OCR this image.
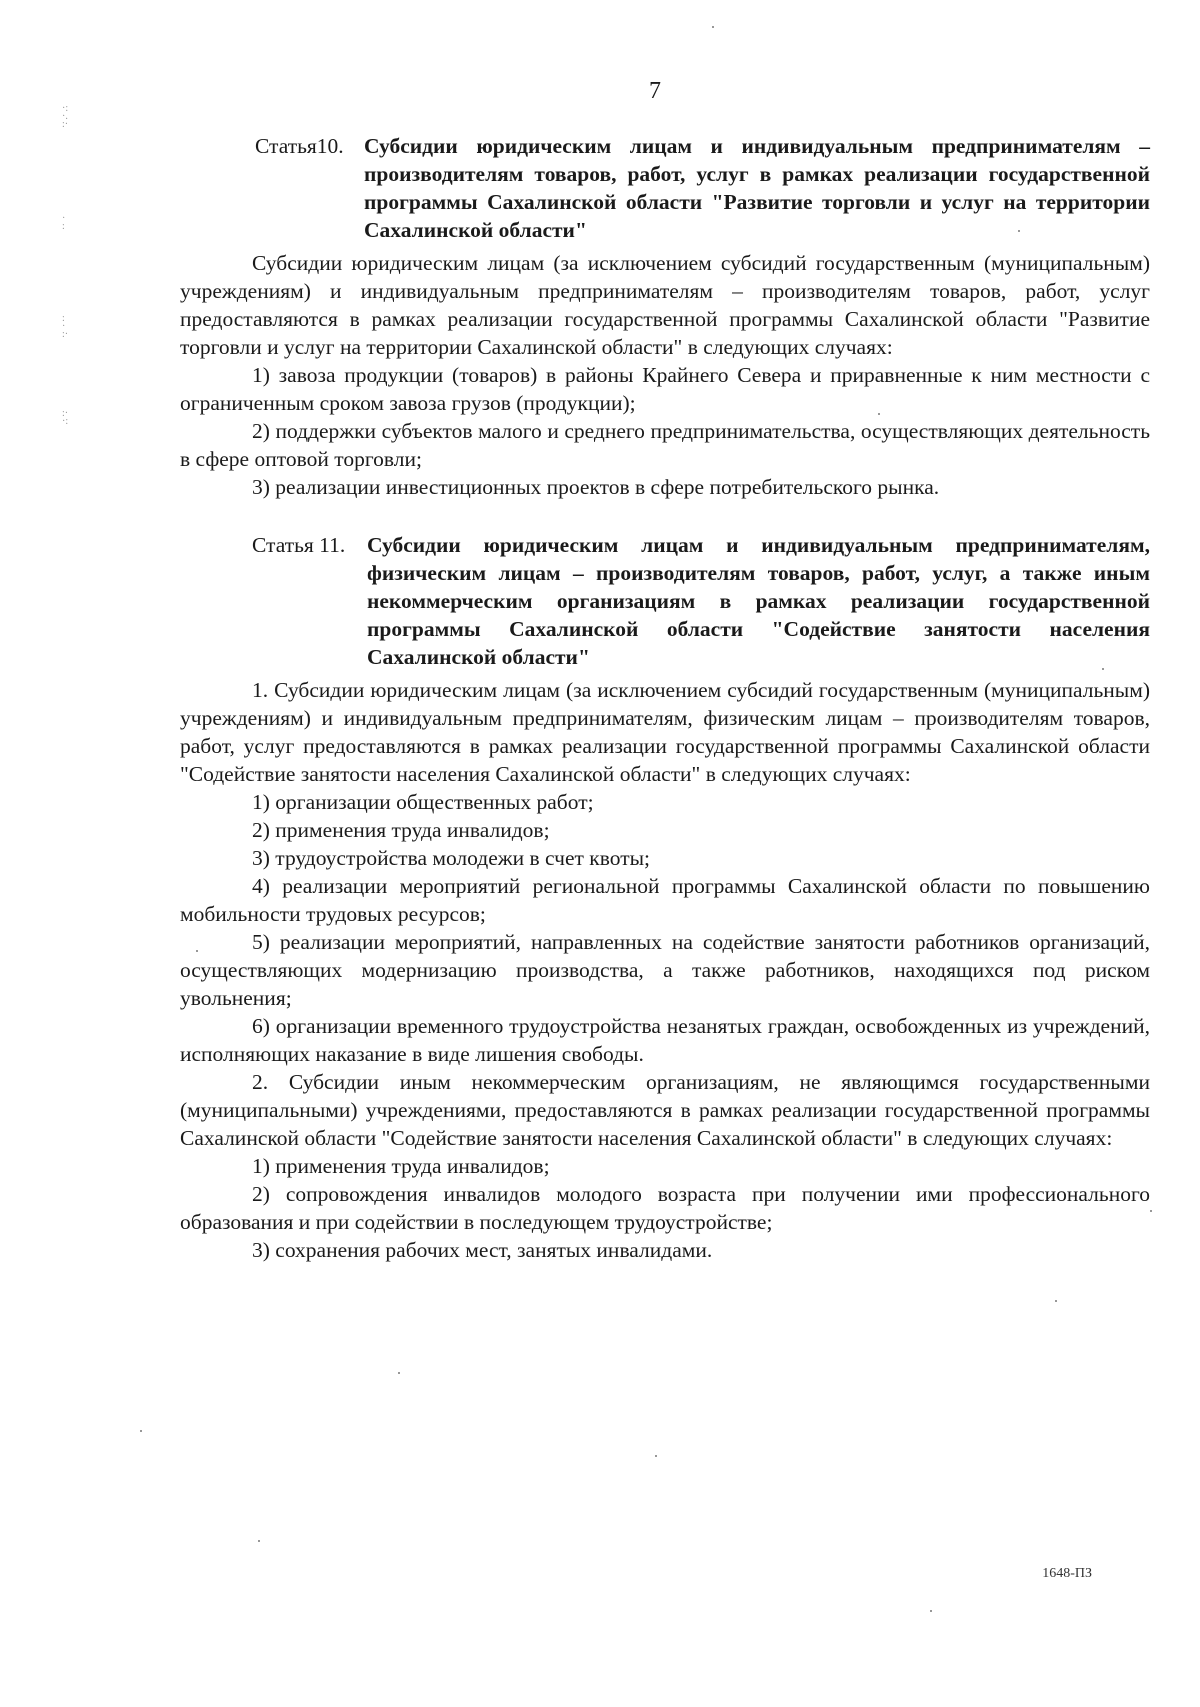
7
·:
·.
:·
·
:
:
·
:·
:·
·:
Статья 10. Субсидии юридическим лицам и индивидуальным предпринимателям – производителям товаров, работ, услуг в рамках реализации государственной программы Сахалинской области "Развитие торговли и услуг на территории Сахалинской области"

Субсидии юридическим лицам (за исключением субсидий государственным (муниципальным) учреждениям) и индивидуальным предпринимателям – производителям товаров, работ, услуг предоставляются в рамках реализации государственной программы Сахалинской области "Развитие торговли и услуг на территории Сахалинской области" в следующих случаях:

1) завоза продукции (товаров) в районы Крайнего Севера и приравненные к ним местности с ограниченным сроком завоза грузов (продукции);

2) поддержки субъектов малого и среднего предпринимательства, осуществляющих деятельность в сфере оптовой торговли;

3) реализации инвестиционных проектов в сфере потребительского рынка.

Статья 11.	Субсидии юридическим лицам и индивидуальным предпринимателям, физическим лицам – производителям товаров, работ, услуг, а также иным некоммерческим организациям в рамках реализации государственной программы Сахалинской области "Содействие занятости населения Сахалинской области"

1. Субсидии юридическим лицам (за исключением субсидий государственным (муниципальным) учреждениям) и индивидуальным предпринимателям, физическим лицам – производителям товаров, работ, услуг предоставляются в рамках реализации государственной программы Сахалинской области "Содействие занятости населения Сахалинской области" в следующих случаях:

1) организации общественных работ;

2) применения труда инвалидов;

3) трудоустройства молодежи в счет квоты;

4) реализации мероприятий региональной программы Сахалинской области по повышению мобильности трудовых ресурсов;

5) реализации мероприятий, направленных на содействие занятости работников организаций, осуществляющих модернизацию производства, а также работников, находящихся под риском увольнения;

6) организации временного трудоустройства незанятых граждан, освобожденных из учреждений, исполняющих наказание в виде лишения свободы.

2. Субсидии иным некоммерческим организациям, не являющимся государственными (муниципальными) учреждениями, предоставляются в рамках реализации государственной программы Сахалинской области "Содействие занятости населения Сахалинской области" в следующих случаях:

1) применения труда инвалидов;

2) сопровождения инвалидов молодого возраста при получении ими профессионального образования и при содействии в последующем трудоустройстве;

3) сохранения рабочих мест, занятых инвалидами.

1648-ПЗ
